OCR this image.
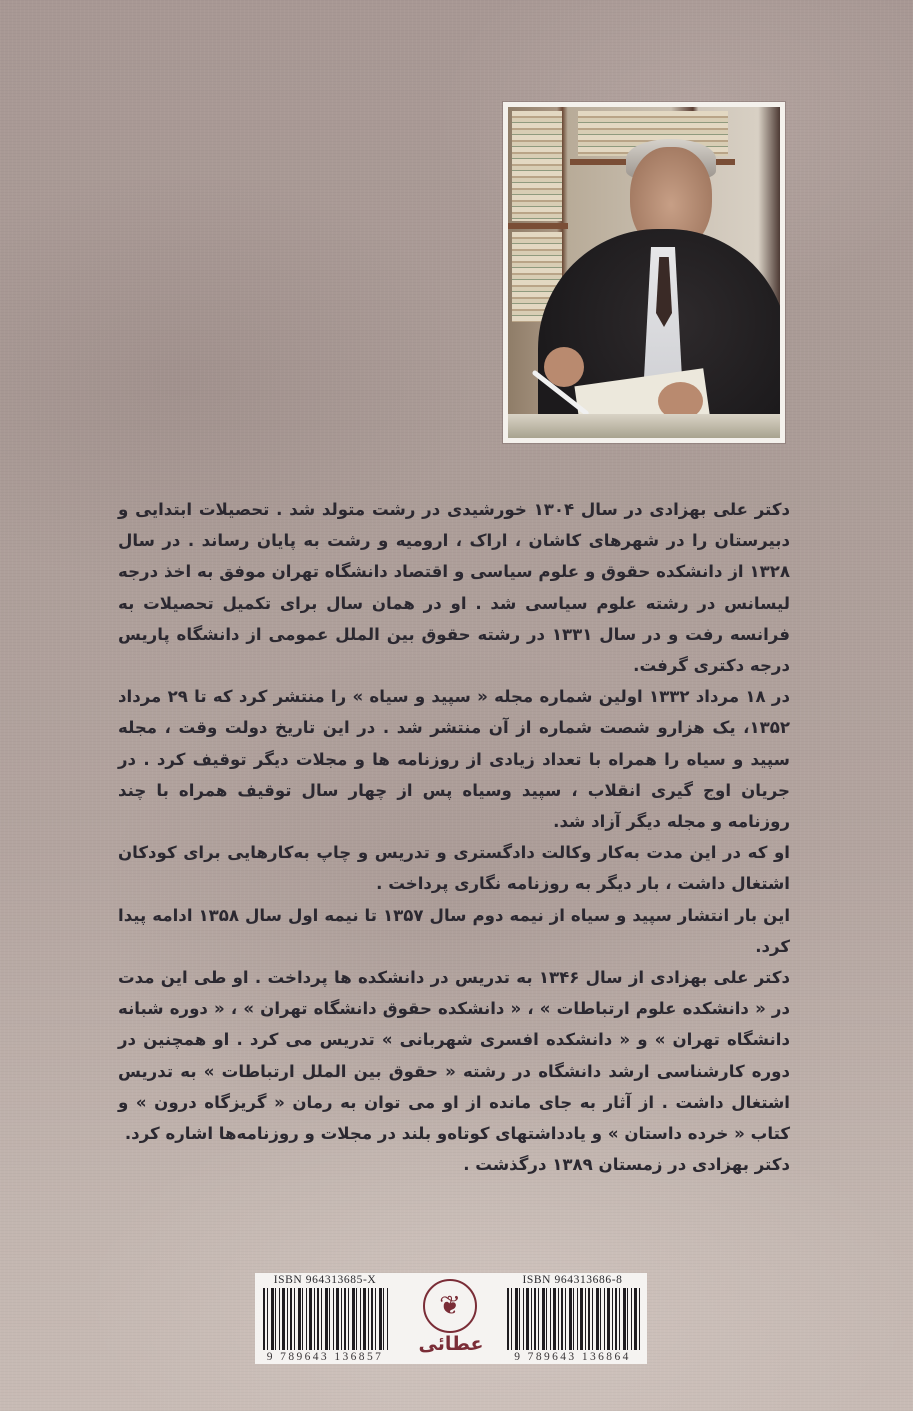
دکتر علی بهزادی در سال ۱۳۰۴ خورشیدی در رشت متولد شد . تحصیلات ابتدایی و دبیرستان را در شهرهای کاشان ، اراک ، ارومیه و رشت به پایان رساند . در سال ۱۳۲۸ از دانشکده حقوق و علوم سیاسی و اقتصاد دانشگاه تهران موفق به اخذ درجه لیسانس در رشته علوم سیاسی شد . او در همان سال برای تکمیل تحصیلات به فرانسه رفت و در سال ۱۳۳۱ در رشته حقوق بین الملل عمومی از دانشگاه پاریس درجه دکتری گرفت.

در ۱۸ مرداد ۱۳۳۲ اولین شماره مجله « سپید و سیاه » را منتشر کرد که تا ۲۹ مرداد ۱۳۵۲، یک هزارو شصت شماره از آن منتشر شد . در این تاریخ دولت وقت ، مجله سپید و سیاه را همراه با تعداد زیادی از روزنامه ها و مجلات دیگر توقیف کرد . در جریان اوج گیری انقلاب ، سپید وسیاه پس از چهار سال توقیف همراه با چند روزنامه و مجله دیگر آزاد شد.

او که در این مدت به‌کار وکالت دادگستری و تدریس و چاپ به‌کارهایی برای کودکان اشتغال داشت ، بار دیگر به روزنامه نگاری پرداخت .

این بار انتشار سپید و سیاه از نیمه دوم سال ۱۳۵۷ تا نیمه اول سال ۱۳۵۸ ادامه پیدا کرد.

دکتر علی بهزادی از سال ۱۳۴۶ به تدریس در دانشکده ها پرداخت . او طی این مدت در « دانشکده علوم ارتباطات » ، « دانشکده حقوق دانشگاه تهران » ، « دوره شبانه دانشگاه تهران » و « دانشکده افسری شهربانی » تدریس می کرد . او همچنین در دوره کارشناسی ارشد دانشگاه در رشته « حقوق بین الملل ارتباطات » به تدریس اشتغال داشت . از آثار به جای مانده از او می توان به رمان « گریزگاه درون » و کتاب « خرده داستان » و یادداشتهای کوتاه‌و بلند در مجلات و روزنامه‌ها اشاره کرد.

دکتر بهزادی در زمستان ۱۳۸۹ درگذشت .

ISBN 964313685-X
9 789643 136857
❦
عطائی
ISBN 964313686-8
9 789643 136864
